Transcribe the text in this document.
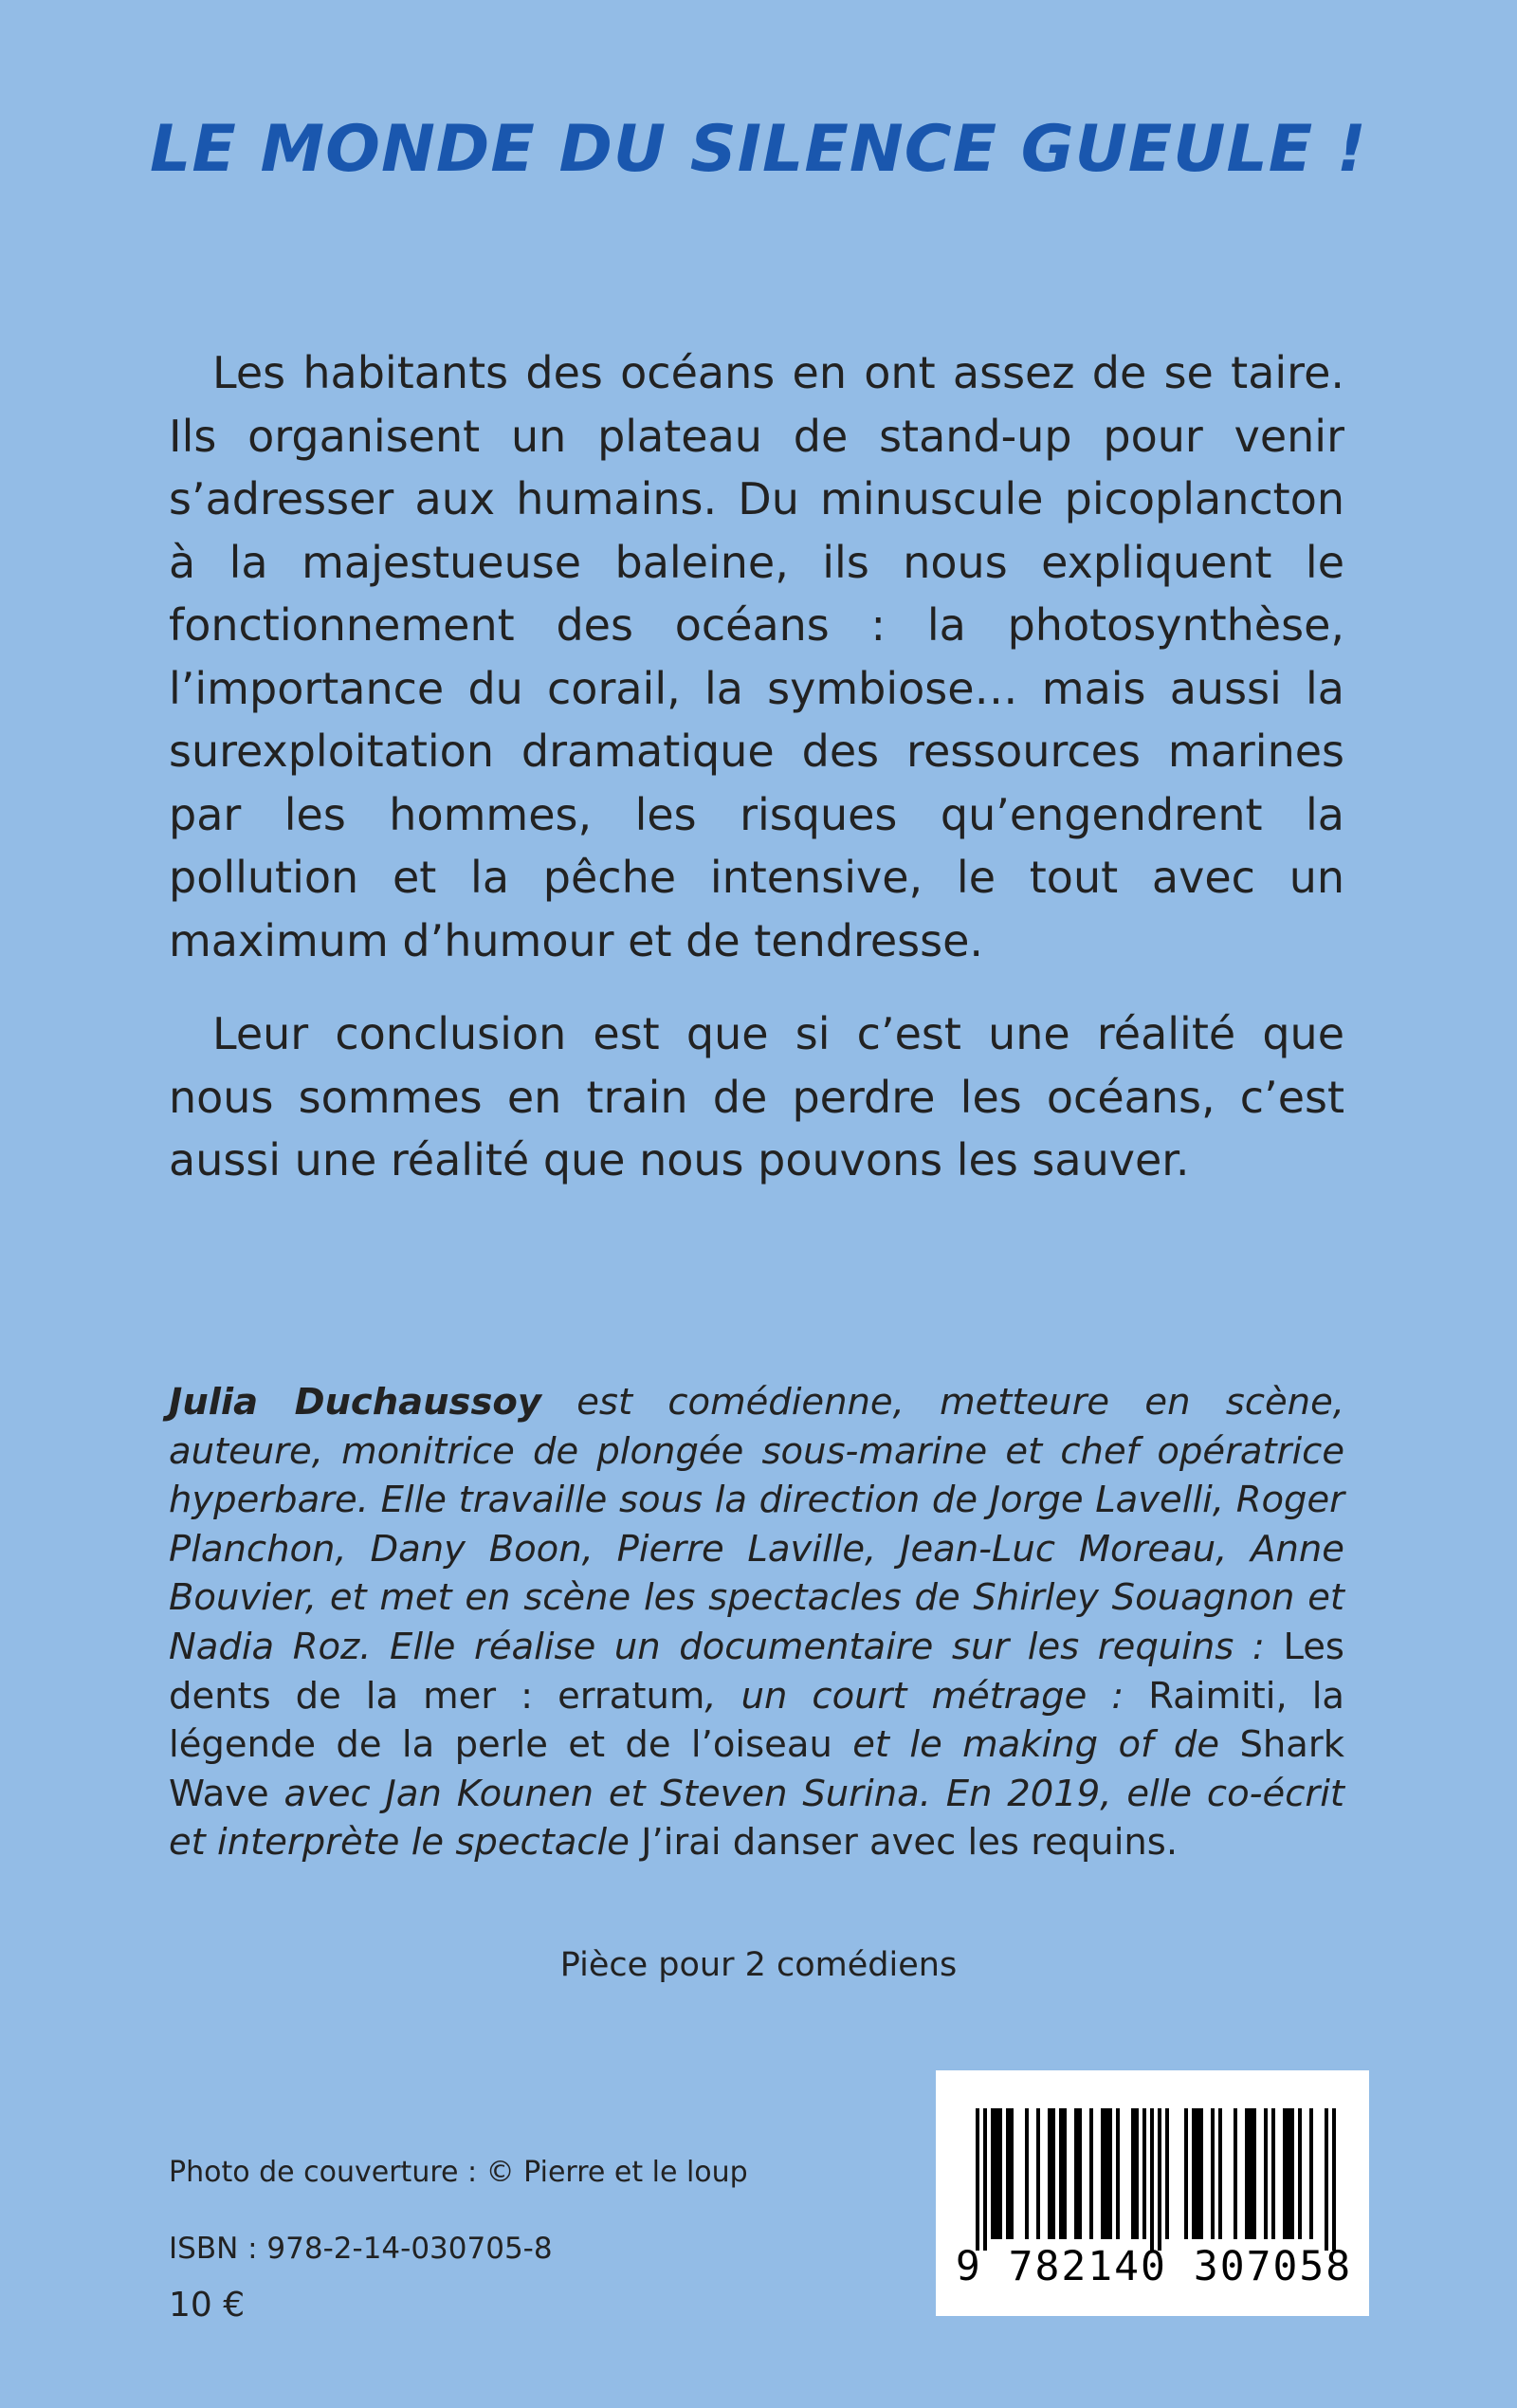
LE MONDE DU SILENCE GUEULE !

Les habitants des océans en ont assez de se taire. Ils organisent un plateau de stand-up pour venir s’adresser aux humains. Du minuscule picoplancton à la majestueuse baleine, ils nous expliquent le fonctionnement des océans : la photosynthèse, l’importance du corail, la symbiose… mais aussi la surexploitation dramatique des ressources marines par les hommes, les risques qu’engendrent la pollution et la pêche intensive, le tout avec un maximum d’humour et de tendresse.

Leur conclusion est que si c’est une réalité que nous sommes en train de perdre les océans, c’est aussi une réalité que nous pouvons les sauver.

Julia Duchaussoy est comédienne, metteure en scène, auteure, monitrice de plongée sous-marine et chef opératrice hyperbare. Elle travaille sous la direction de Jorge Lavelli, Roger Planchon, Dany Boon, Pierre Laville, Jean-Luc Moreau, Anne Bouvier, et met en scène les spectacles de Shirley Souagnon et Nadia Roz. Elle réalise un documentaire sur les requins : Les dents de la mer : erratum, un court métrage : Raimiti, la légende de la perle et de l’oiseau et le making of de Shark Wave avec Jan Kounen et Steven Surina. En 2019, elle co-écrit et interprète le spectacle J’irai danser avec les requins.

Pièce pour 2 comédiens
Photo de couverture : © Pierre et le loup
ISBN : 978-2-14-030705-8
10 €
9 782140 307058
